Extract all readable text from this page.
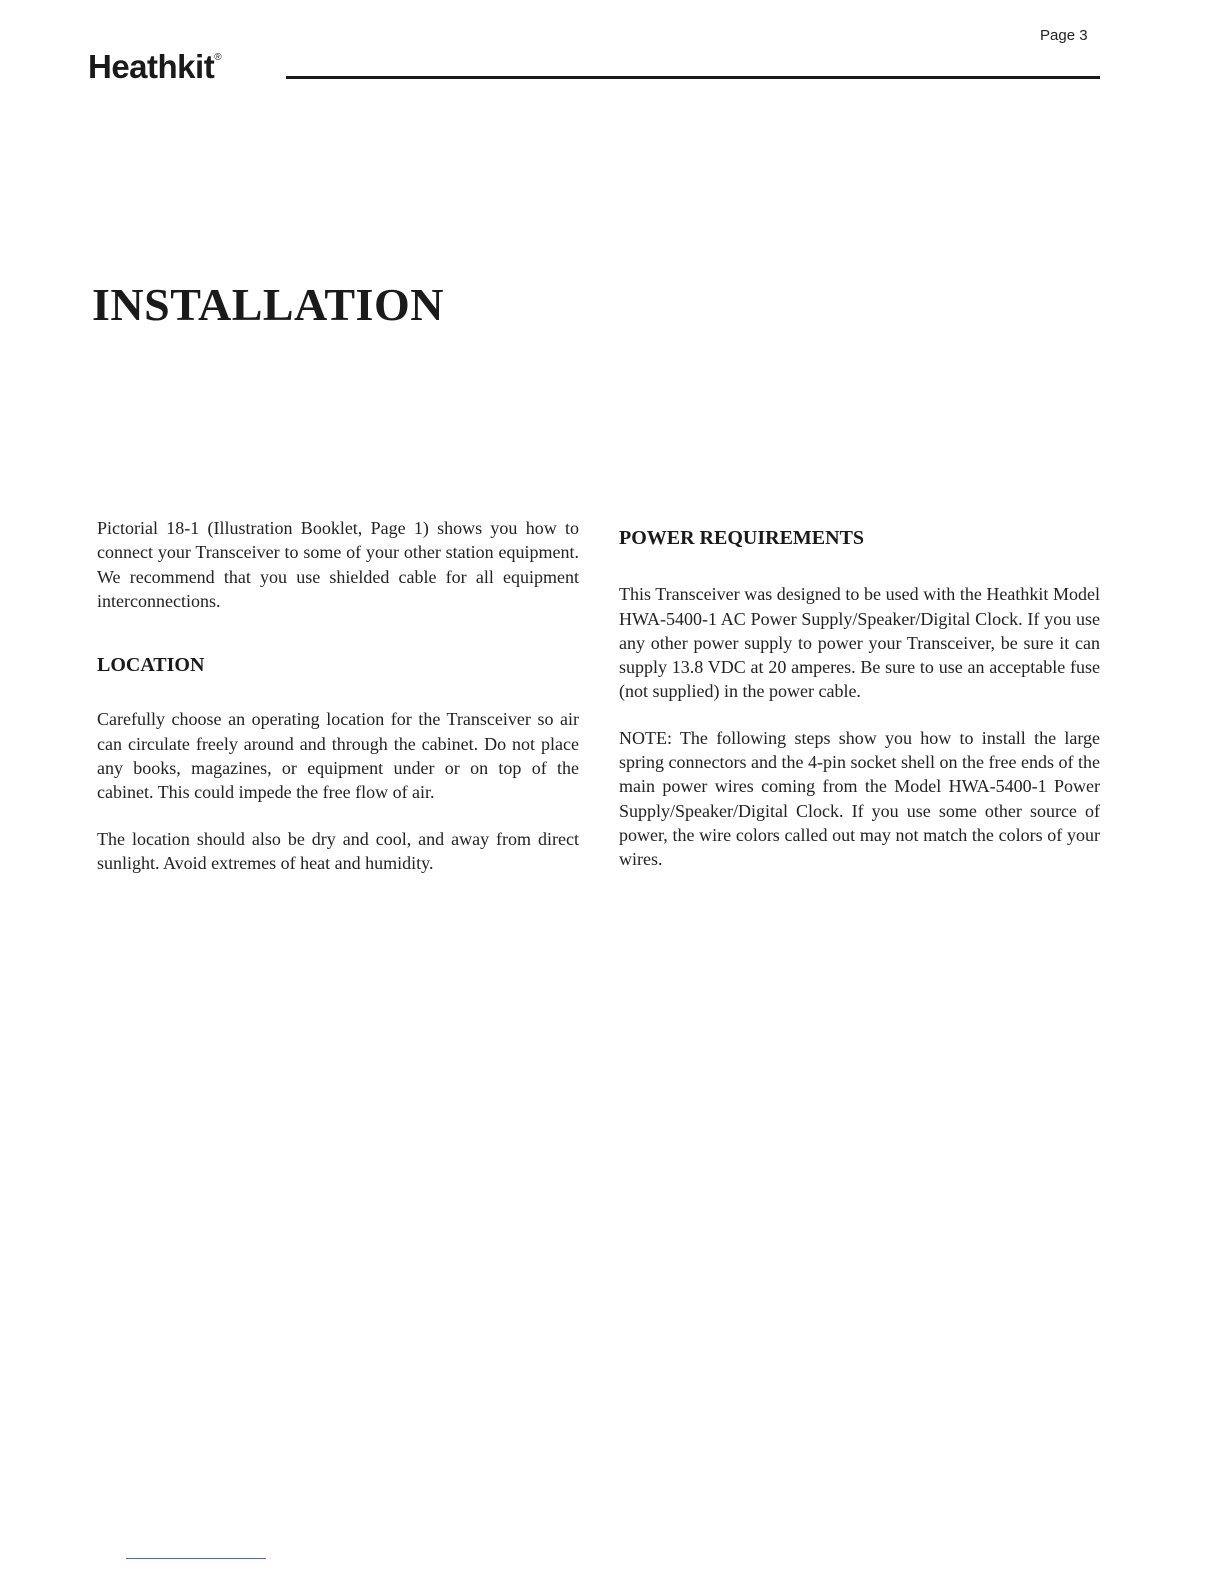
Page 3
Heathkit®
INSTALLATION

Pictorial 18-1 (Illustration Booklet, Page 1) shows you how to connect your Transceiver to some of your other station equipment. We recommend that you use shielded cable for all equipment interconnections.

LOCATION

Carefully choose an operating location for the Transceiver so air can circulate freely around and through the cabinet. Do not place any books, magazines, or equipment under or on top of the cabinet. This could impede the free flow of air.

The location should also be dry and cool, and away from direct sunlight. Avoid extremes of heat and humidity.

POWER REQUIREMENTS

This Transceiver was designed to be used with the Heathkit Model HWA-5400-1 AC Power Supply/Speaker/Digital Clock. If you use any other power supply to power your Transceiver, be sure it can supply 13.8 VDC at 20 amperes. Be sure to use an acceptable fuse (not supplied) in the power cable.

NOTE: The following steps show you how to install the large spring connectors and the 4-pin socket shell on the free ends of the main power wires coming from the Model HWA-5400-1 Power Supply/Speaker/Digital Clock. If you use some other source of power, the wire colors called out may not match the colors of your wires.
